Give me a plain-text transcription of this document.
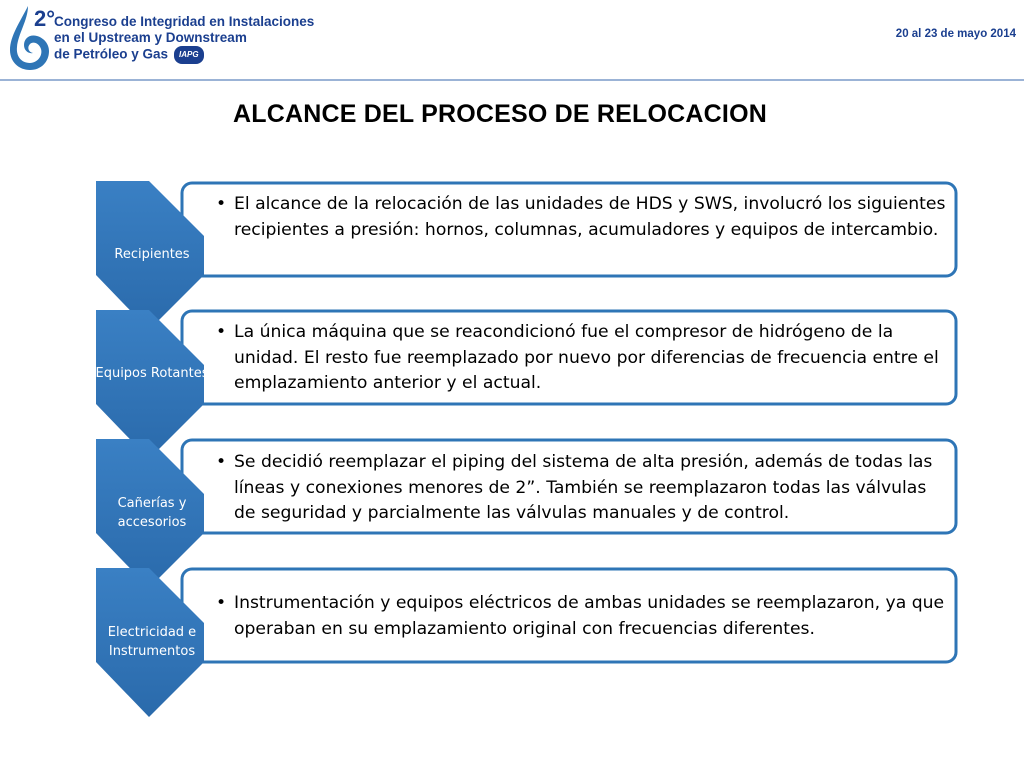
2°
Congreso de Integridad en Instalaciones
en el Upstream y Downstream
de Petróleo y Gas IAPG
20 al 23 de mayo 2014
ALCANCE DEL PROCESO DE RELOCACION
Recipientes
Equipos Rotantes
Cañerías y accesorios
Electricidad e Instrumentos
• El alcance de la relocación de las unidades de HDS y SWS, involucró los siguientes recipientes a presión: hornos, columnas, acumuladores y equipos de intercambio.
• La única máquina que se reacondicionó fue el compresor de hidrógeno de la unidad. El resto fue reemplazado por nuevo por diferencias de frecuencia entre el emplazamiento anterior y el actual.
• Se decidió reemplazar el piping del sistema de alta presión, además de todas las líneas y conexiones menores de 2”. También se reemplazaron todas las válvulas de seguridad y parcialmente las válvulas manuales y de control.
• Instrumentación y equipos eléctricos de ambas unidades se reemplazaron, ya que operaban en su emplazamiento original con frecuencias diferentes.
